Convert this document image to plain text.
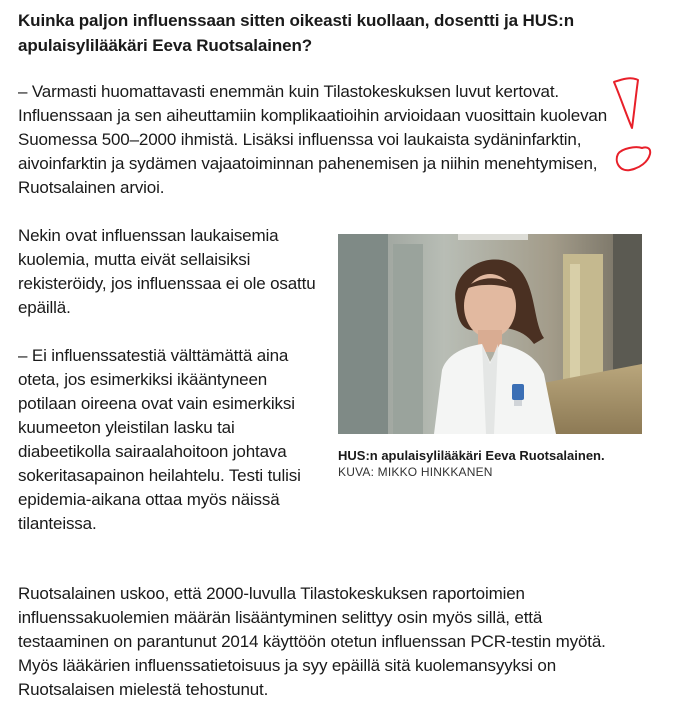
Kuinka paljon influenssaan sitten oikeasti kuollaan, dosentti ja HUS:n apulaisylilääkäri Eeva Ruotsalainen?

– Varmasti huomattavasti enemmän kuin Tilastokeskuksen luvut kertovat. Influenssaan ja sen aiheuttamiin komplikaatioihin arvioidaan vuosittain kuolevan Suomessa 500–2000 ihmistä. Lisäksi influenssa voi laukaista sydäninfarktin, aivoinfarktin ja sydämen vajaatoiminnan pahenemisen ja niihin menehtymisen, Ruotsalainen arvioi.

Nekin ovat influenssan laukaisemia kuolemia, mutta eivät sellaisiksi rekisteröidy, jos influenssaa ei ole osattu epäillä.

– Ei influenssatestiä välttämättä aina oteta, jos esimerkiksi ikääntyneen potilaan oireena ovat vain esimerkiksi kuumeeton yleistilan lasku tai diabeetikolla sairaalahoitoon johtava sokeritasapainon heilahtelu. Testi tulisi epidemia-aikana ottaa myös näissä tilanteissa.

HUS:n apulaisylilääkäri Eeva Ruotsalainen.
KUVA: MIKKO HINKKANEN

Ruotsalainen uskoo, että 2000-luvulla Tilastokeskuksen raportoimien influenssakuolemien määrän lisääntyminen selittyy osin myös sillä, että testaaminen on parantunut 2014 käyttöön otetun influenssan PCR-testin myötä. Myös lääkärien influenssatietoisuus ja syy epäillä sitä kuolemansyyksi on Ruotsalaisen mielestä tehostunut.
